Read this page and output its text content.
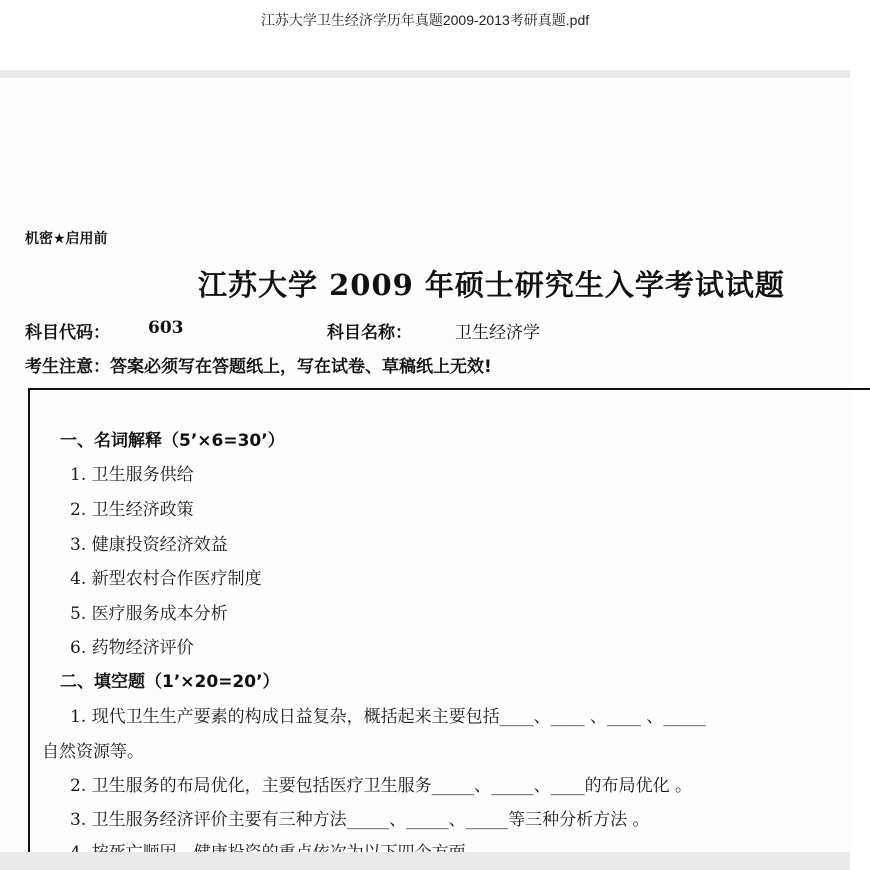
江苏大学卫生经济学历年真题2009-2013考研真题.pdf
机密★启用前
江苏大学 2009 年硕士研究生入学考试试题
科目代码： 603	科目名称：	卫生经济学
考生注意：答案必须写在答题纸上，写在试卷、草稿纸上无效!
一、名词解释（5’×6=30’）
1. 卫生服务供给
2. 卫生经济政策
3. 健康投资经济效益
4. 新型农村合作医疗制度
5. 医疗服务成本分析
6. 药物经济评价
二、填空题（1’×20=20’）
1. 现代卫生生产要素的构成日益复杂，概括起来主要包括____、____ 、____ 、_____
自然资源等。
2. 卫生服务的布局优化，主要包括医疗卫生服务_____、_____、____的布局优化 。
3. 卫生服务经济评价主要有三种方法_____、_____、_____等三种分析方法 。
